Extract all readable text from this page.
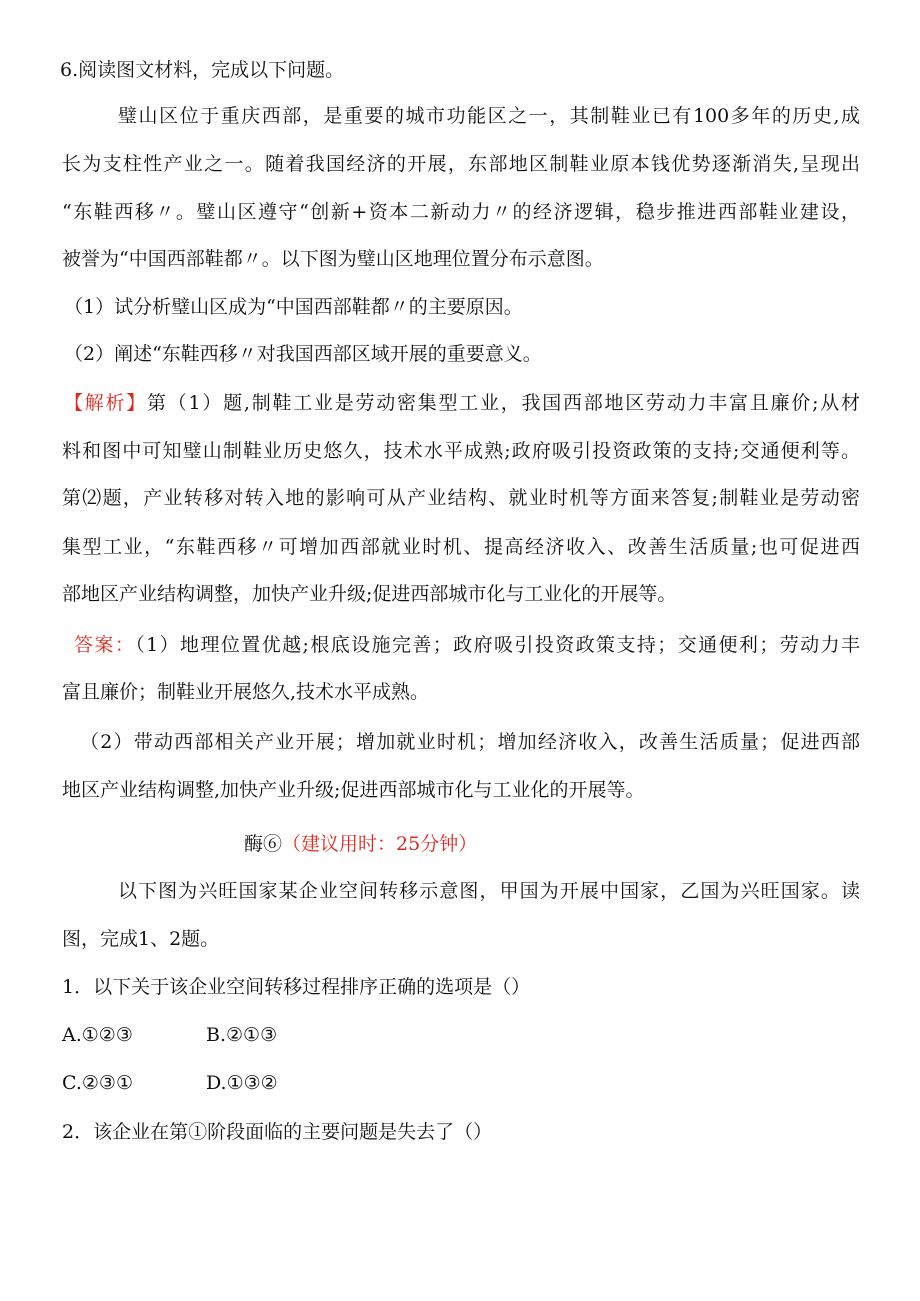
6.阅读图文材料，完成以下问题。
璧山区位于重庆西部，是重要的城市功能区之一，其制鞋业已有100多年的历史,成
长为支柱性产业之一。随着我国经济的开展，东部地区制鞋业原本钱优势逐渐消失,呈现出
“东鞋西移〃。璧山区遵守“创新+资本二新动力〃的经济逻辑，稳步推进西部鞋业建设，
被誉为“中国西部鞋都〃。以下图为璧山区地理位置分布示意图。
（1）试分析璧山区成为“中国西部鞋都〃的主要原因。
（2）阐述“东鞋西移〃对我国西部区域开展的重要意义。
【解析】第（1）题,制鞋工业是劳动密集型工业，我国西部地区劳动力丰富且廉价;从材
料和图中可知璧山制鞋业历史悠久，技术水平成熟;政府吸引投资政策的支持;交通便利等。
第⑵题，产业转移对转入地的影响可从产业结构、就业时机等方面来答复;制鞋业是劳动密
集型工业，“东鞋西移〃可增加西部就业时机、提高经济收入、改善生活质量;也可促进西
部地区产业结构调整，加快产业升级;促进西部城市化与工业化的开展等。
答案：（1）地理位置优越;根底设施完善；政府吸引投资政策支持；交通便利；劳动力丰
富且廉价；制鞋业开展悠久,技术水平成熟。
（2）带动西部相关产业开展；增加就业时机；增加经济收入，改善生活质量；促进西部
地区产业结构调整,加快产业升级;促进西部城市化与工业化的开展等。
酶⑥（建议用时：25分钟）
以下图为兴旺国家某企业空间转移示意图，甲国为开展中国家，乙国为兴旺国家。读
图，完成1、2题。
1．以下关于该企业空间转移过程排序正确的选项是（）
A.①②③	B.②①③
C.②③①	D.①③②
2．该企业在第①阶段面临的主要问题是失去了（）
